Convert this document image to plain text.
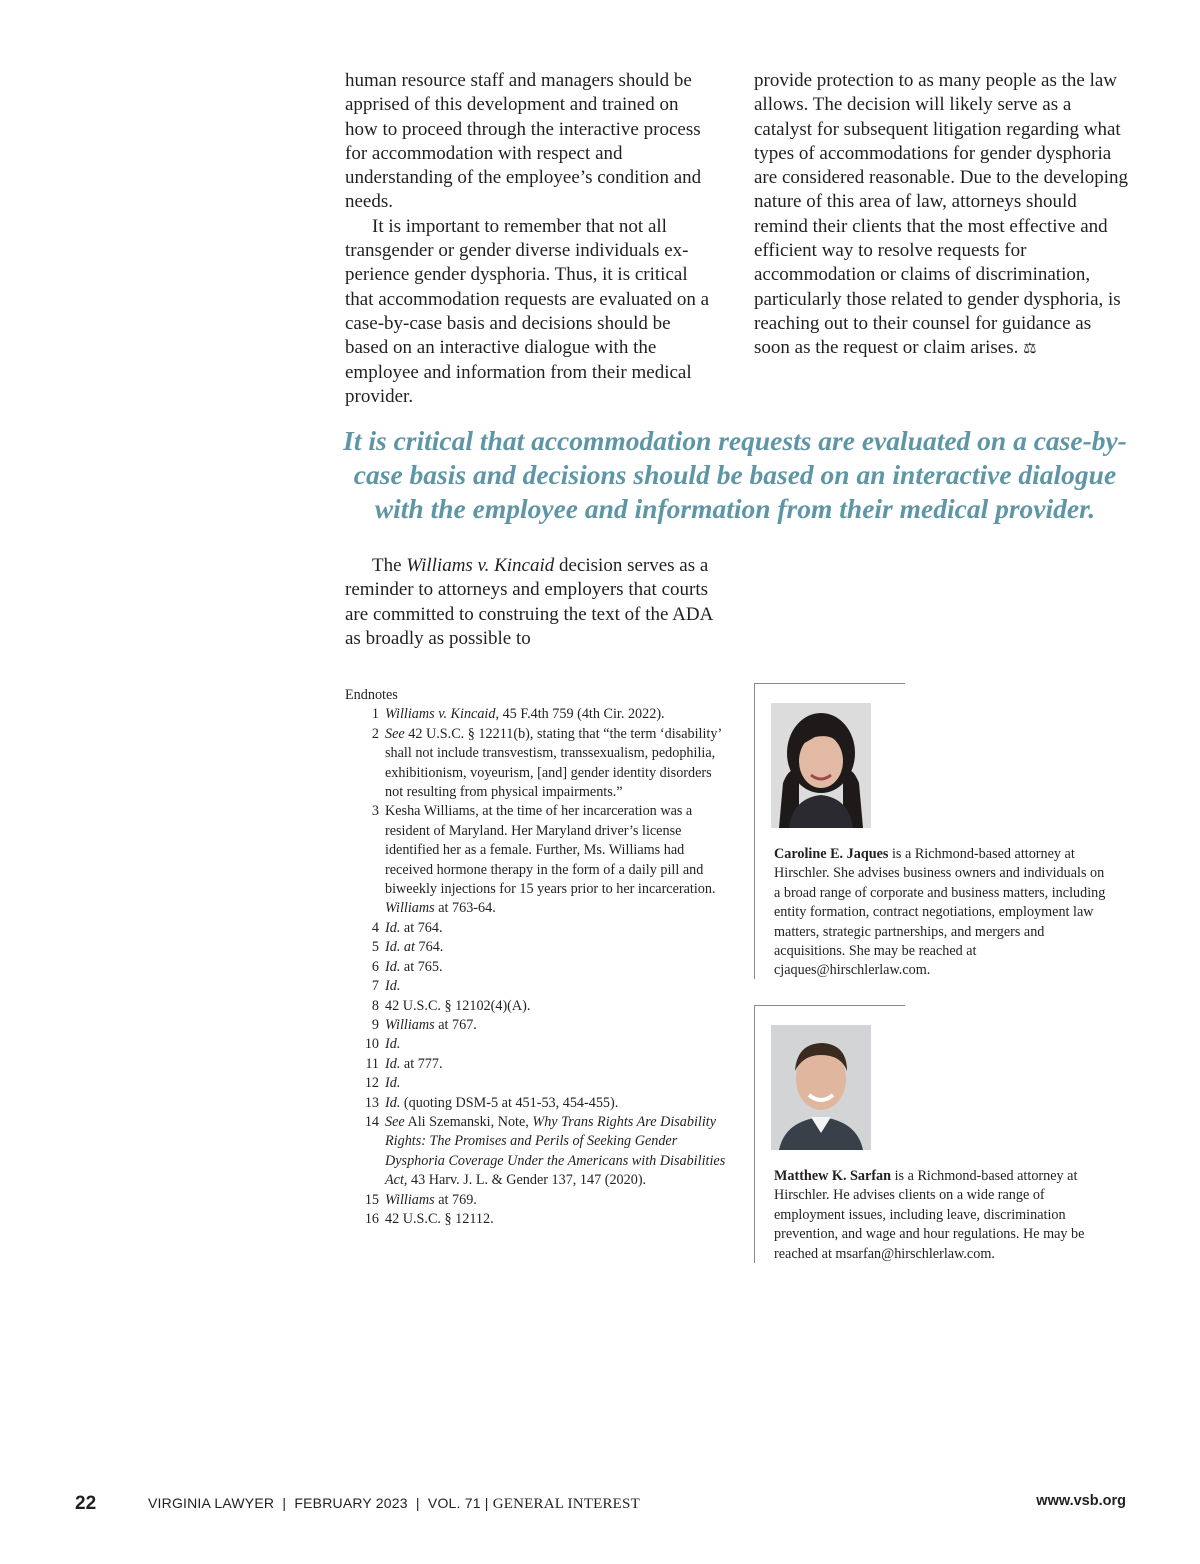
human resource staff and managers should be apprised of this development and trained on how to proceed through the interactive process for accommodation with respect and understanding of the employee’s condition and needs.

It is important to remember that not all transgender or gender diverse individuals experience gender dysphoria. Thus, it is critical that accommodation requests are evaluated on a case-by-case basis and decisions should be based on an interactive dialogue with the employee and information from their medical provider.

provide protection to as many people as the law allows. The decision will likely serve as a catalyst for subsequent litigation regarding what types of accommodations for gender dysphoria are considered reasonable. Due to the developing nature of this area of law, attorneys should remind their clients that the most effective and efficient way to resolve requests for accommodation or claims of discrimination, particularly those related to gender dysphoria, is reaching out to their counsel for guidance as soon as the request or claim arises. ⚖

It is critical that accommodation requests are evaluated on a case-by-case basis and decisions should be based on an interactive dialogue with the employee and information from their medical provider.

The Williams v. Kincaid decision serves as a reminder to attorneys and employers that courts are committed to construing the text of the ADA as broadly as possible to

Endnotes
1 Williams v. Kincaid, 45 F.4th 759 (4th Cir. 2022).
2 See 42 U.S.C. § 12211(b), stating that “the term ‘disability’ shall not include transvestism, transsexualism, pedophilia, exhibitionism, voyeurism, [and] gender identity disorders not resulting from physical impairments.”
3 Kesha Williams, at the time of her incarceration was a resident of Maryland. Her Maryland driver’s license identified her as a female. Further, Ms. Williams had received hormone therapy in the form of a daily pill and biweekly injections for 15 years prior to her incarceration. Williams at 763-64.
4 Id. at 764.
5 Id. at 764.
6 Id. at 765.
7 Id.
8 42 U.S.C. § 12102(4)(A).
9 Williams at 767.
10 Id.
11 Id. at 777.
12 Id.
13 Id. (quoting DSM-5 at 451-53, 454-455).
14 See Ali Szemanski, Note, Why Trans Rights Are Disability Rights: The Promises and Perils of Seeking Gender Dysphoria Coverage Under the Americans with Disabilities Act, 43 Harv. J. L. & Gender 137, 147 (2020).
15 Williams at 769.
16 42 U.S.C. § 12112.
Caroline E. Jaques is a Richmond-based attorney at Hirschler. She advises business owners and individuals on a broad range of corporate and business matters, including entity formation, contract negotiations, employment law matters, strategic partnerships, and mergers and acquisitions. She may be reached at cjaques@hirschlerlaw.com.
Matthew K. Sarfan is a Richmond-based attorney at Hirschler. He advises clients on a wide range of employment issues, including leave, discrimination prevention, and wage and hour regulations. He may be reached at msarfan@hirschlerlaw.com.
22	VIRGINIA LAWYER  |  FEBRUARY 2023  |  VOL. 71 | GENERAL INTEREST	www.vsb.org
